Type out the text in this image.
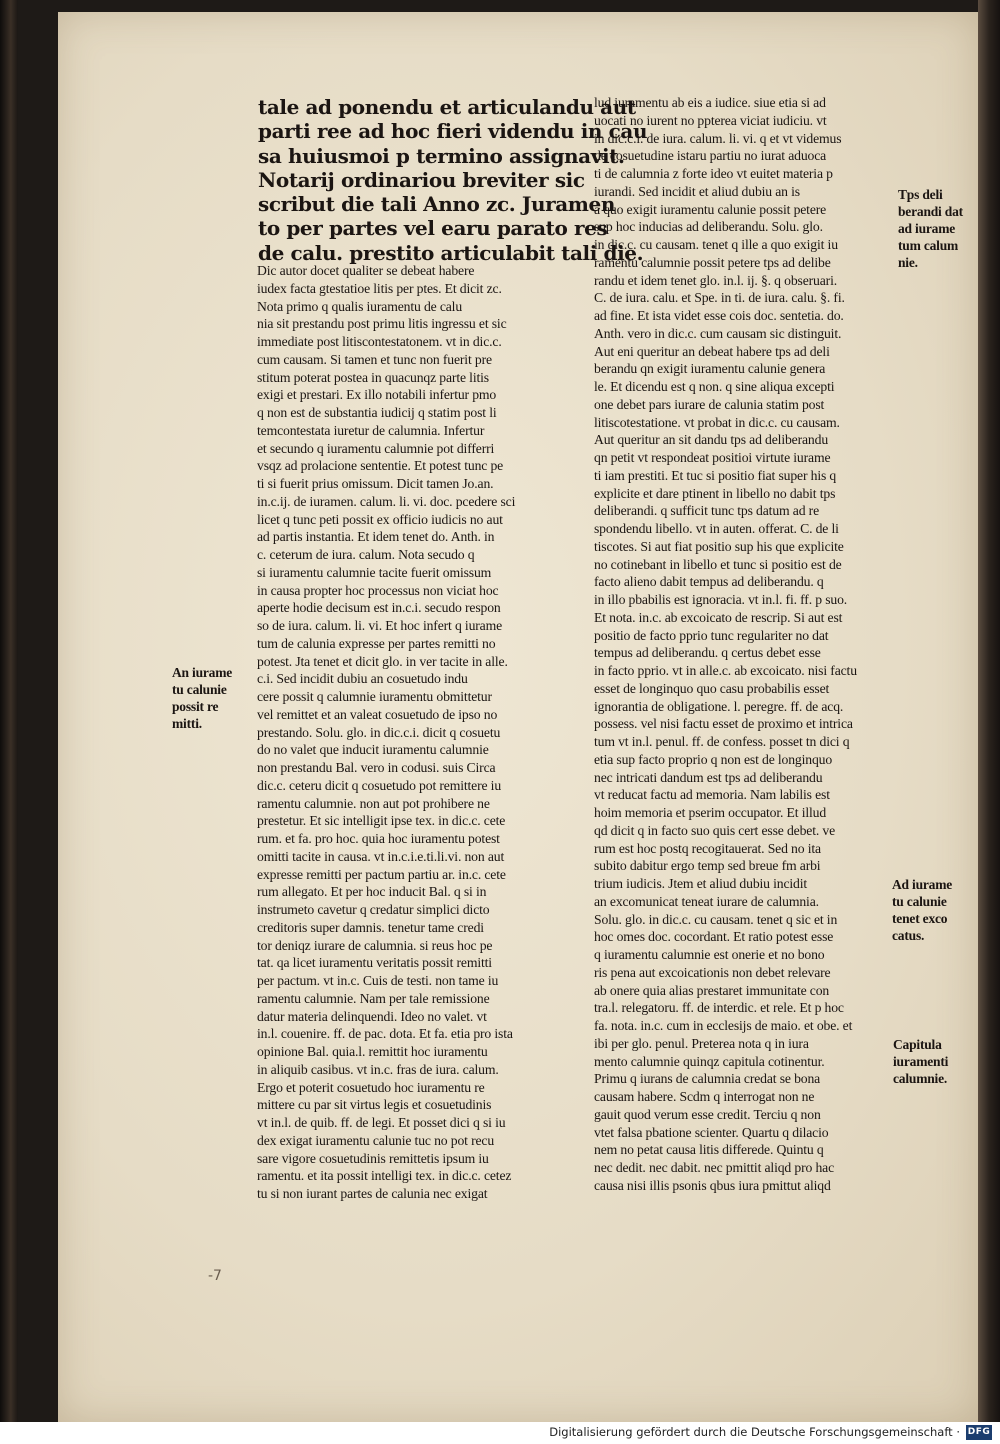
tale ad ponendu et articulandu aut
parti ree ad hoc fieri videndu in cau
sa huiusmoi p termino assignavit.
Notarij ordinariou breviter sic
scribut die tali Anno zc. Juramen
to per partes vel earu parato res
de calu. prestito articulabit tali die.
Dic autor docet qualiter se debeat habere
iudex facta gtestatioe litis per ptes. Et dicit zc.
Nota primo q qualis iuramentu de calu
nia sit prestandu post primu litis ingressu et sic
immediate post litiscontestatonem. vt in dic.c.
cum causam. Si tamen et tunc non fuerit pre
stitum poterat postea in quacunqz parte litis
exigi et prestari. Ex illo notabili infertur pmo
q non est de substantia iudicij q statim post li
temcontestata iuretur de calumnia. Infertur
et secundo q iuramentu calumnie pot differri
vsqz ad prolacione sententie. Et potest tunc pe
ti si fuerit prius omissum. Dicit tamen Jo.an.
in.c.ij. de iuramen. calum. li. vi. doc. pcedere sci
licet q tunc peti possit ex officio iudicis no aut
ad partis instantia. Et idem tenet do. Anth. in
c. ceterum de iura. calum. Nota secudo q
si iuramentu calumnie tacite fuerit omissum
in causa propter hoc processus non viciat hoc
aperte hodie decisum est in.c.i. secudo respon
so de iura. calum. li. vi. Et hoc infert q iurame
tum de calunia expresse per partes remitti no
potest. Jta tenet et dicit glo. in ver tacite in alle.
c.i. Sed incidit dubiu an cosuetudo indu
cere possit q calumnie iuramentu obmittetur
vel remittet et an valeat cosuetudo de ipso no
prestando. Solu. glo. in dic.c.i. dicit q cosuetu
do no valet que inducit iuramentu calumnie
non prestandu Bal. vero in codusi. suis Circa
dic.c. ceteru dicit q cosuetudo pot remittere iu
ramentu calumnie. non aut pot prohibere ne
prestetur. Et sic intelligit ipse tex. in dic.c. cete
rum. et fa. pro hoc. quia hoc iuramentu potest
omitti tacite in causa. vt in.c.i.e.ti.li.vi. non aut
expresse remitti per pactum partiu ar. in.c. cete
rum allegato. Et per hoc inducit Bal. q si in
instrumeto cavetur q credatur simplici dicto
creditoris super damnis. tenetur tame credi
tor deniqz iurare de calumnia. si reus hoc pe
tat. qa licet iuramentu veritatis possit remitti
per pactum. vt in.c. Cuis de testi. non tame iu
ramentu calumnie. Nam per tale remissione
datur materia delinquendi. Ideo no valet. vt
in.l. couenire. ff. de pac. dota. Et fa. etia pro ista
opinione Bal. quia.l. remittit hoc iuramentu
in aliquib casibus. vt in.c. fras de iura. calum.
Ergo et poterit cosuetudo hoc iuramentu re
mittere cu par sit virtus legis et cosuetudinis
vt in.l. de quib. ff. de legi. Et posset dici q si iu
dex exigat iuramentu calunie tuc no pot recu
sare vigore cosuetudinis remittetis ipsum iu
ramentu. et ita possit intelligi tex. in dic.c. cetez
tu si non iurant partes de calunia nec exigat
lud iuramentu ab eis a iudice. siue etia si ad
uocati no iurent no ppterea viciat iudiciu. vt
in dic.c.i. de iura. calum. li. vi. q et vt videmus
de cosuetudine istaru partiu no iurat aduoca
ti de calumnia z forte ideo vt euitet materia p
iurandi. Sed incidit et aliud dubiu an is
a quo exigit iuramentu calunie possit petere
sup hoc inducias ad deliberandu. Solu. glo.
in dic.c. cu causam. tenet q ille a quo exigit iu
ramentu calumnie possit petere tps ad delibe
randu et idem tenet glo. in.l. ij. §. q obseruari.
C. de iura. calu. et Spe. in ti. de iura. calu. §. fi.
ad fine. Et ista videt esse cois doc. sentetia. do.
Anth. vero in dic.c. cum causam sic distinguit.
Aut eni queritur an debeat habere tps ad deli
berandu qn exigit iuramentu calunie genera
le. Et dicendu est q non. q sine aliqua excepti
one debet pars iurare de calunia statim post
litiscotestatione. vt probat in dic.c. cu causam.
Aut queritur an sit dandu tps ad deliberandu
qn petit vt respondeat positioi virtute iurame
ti iam prestiti. Et tuc si positio fiat super his q
explicite et dare ptinent in libello no dabit tps
deliberandi. q sufficit tunc tps datum ad re
spondendu libello. vt in auten. offerat. C. de li
tiscotes. Si aut fiat positio sup his que explicite
no cotinebant in libello et tunc si positio est de
facto alieno dabit tempus ad deliberandu. q
in illo pbabilis est ignoracia. vt in.l. fi. ff. p suo.
Et nota. in.c. ab excoicato de rescrip. Si aut est
positio de facto pprio tunc regulariter no dat
tempus ad deliberandu. q certus debet esse
in facto pprio. vt in alle.c. ab excoicato. nisi factu
esset de longinquo quo casu probabilis esset
ignorantia de obligatione. l. peregre. ff. de acq.
possess. vel nisi factu esset de proximo et intrica
tum vt in.l. penul. ff. de confess. posset tn dici q
etia sup facto proprio q non est de longinquo
nec intricati dandum est tps ad deliberandu
vt reducat factu ad memoria. Nam labilis est
hoim memoria et pserim occupator. Et illud
qd dicit q in facto suo quis cert esse debet. ve
rum est hoc postq recogitauerat. Sed no ita
subito dabitur ergo temp sed breue fm arbi
trium iudicis. Jtem et aliud dubiu incidit
an excomunicat teneat iurare de calumnia.
Solu. glo. in dic.c. cu causam. tenet q sic et in
hoc omes doc. cocordant. Et ratio potest esse
q iuramentu calumnie est onerie et no bono
ris pena aut excoicationis non debet relevare
ab onere quia alias prestaret immunitate con
tra.l. relegatoru. ff. de interdic. et rele. Et p hoc
fa. nota. in.c. cum in ecclesijs de maio. et obe. et
ibi per glo. penul. Preterea nota q in iura
mento calumnie quinqz capitula cotinentur.
Primu q iurans de calumnia credat se bona
causam habere. Scdm q interrogat non ne
gauit quod verum esse credit. Terciu q non
vtet falsa pbatione scienter. Quartu q dilacio
nem no petat causa litis differede. Quintu q
nec dedit. nec dabit. nec pmittit aliqd pro hac
causa nisi illis psonis qbus iura pmittut aliqd
An iurame
tu calunie
possit re
mitti.
Tps deli
berandi dat
ad iurame
tum calum
nie.
Ad iurame
tu calunie
tenet exco
catus.
Capitula
iuramenti
calumnie.
-7
Digitalisierung gefördert durch die Deutsche Forschungsgemeinschaft · DFG
